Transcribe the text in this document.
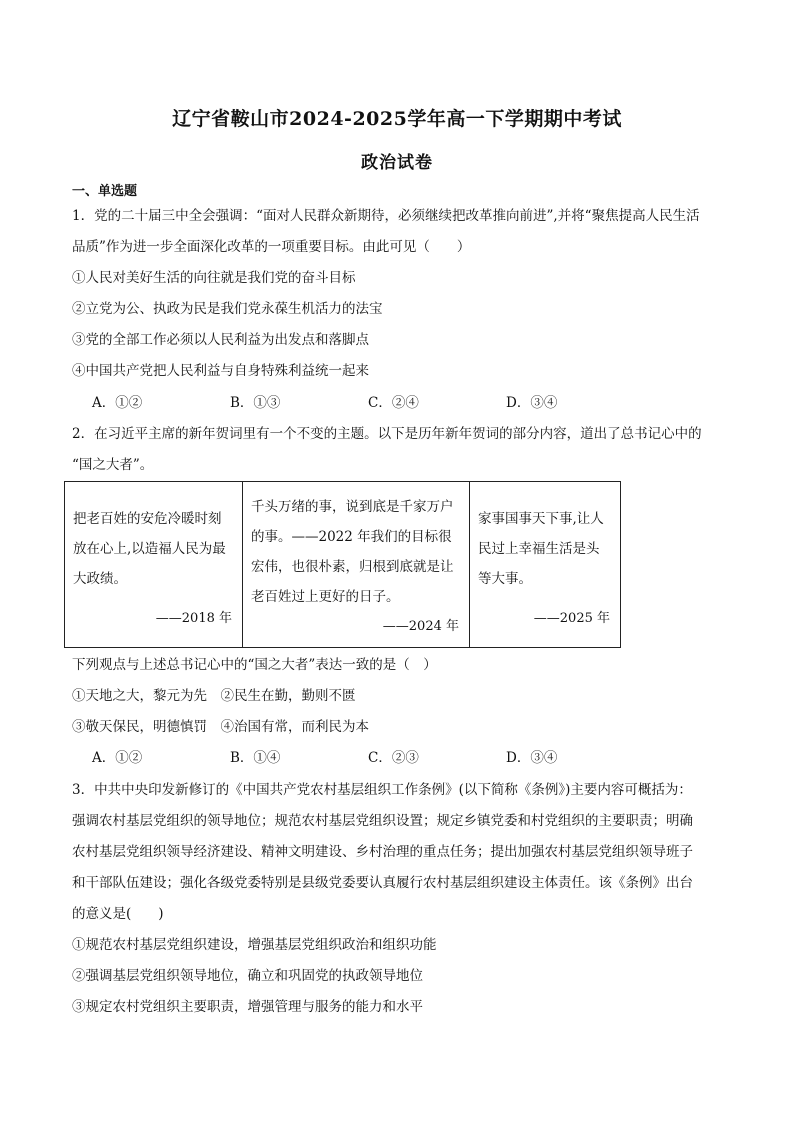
辽宁省鞍山市2024-2025学年高一下学期期中考试
政治试卷
一、单选题
1．党的二十届三中全会强调：“面对人民群众新期待，必须继续把改革推向前进”,并将“聚焦提高人民生活
品质”作为进一步全面深化改革的一项重要目标。由此可见（　　）
①人民对美好生活的向往就是我们党的奋斗目标
②立党为公、执政为民是我们党永葆生机活力的法宝
③党的全部工作必须以人民利益为出发点和落脚点
④中国共产党把人民利益与自身特殊利益统一起来
A．①②	B．①③	C．②④	D．③④
2．在习近平主席的新年贺词里有一个不变的主题。以下是历年新年贺词的部分内容，道出了总书记心中的
“国之大者”。
把老百姓的安危冷暖时刻
放在心上,以造福人民为最
大政绩。
——2018 年

千头万绪的事，说到底是千家万户
的事。——2022 年我们的目标很
宏伟，也很朴素，归根到底就是让
老百姓过上更好的日子。
——2024 年

家事国事天下事,让人
民过上幸福生活是头
等大事。
——2025 年
下列观点与上述总书记心中的“国之大者”表达一致的是（　）
①天地之大，黎元为先　②民生在勤，勤则不匮
③敬天保民，明德慎罚　④治国有常，而利民为本
A．①②	B．①④	C．②③	D．③④
3．中共中央印发新修订的《中国共产党农村基层组织工作条例》(以下简称《条例》)主要内容可概括为：
强调农村基层党组织的领导地位；规范农村基层党组织设置；规定乡镇党委和村党组织的主要职责；明确
农村基层党组织领导经济建设、精神文明建设、乡村治理的重点任务；提出加强农村基层党组织领导班子
和干部队伍建设；强化各级党委特别是县级党委要认真履行农村基层组织建设主体责任。该《条例》出台
的意义是(　　)
①规范农村基层党组织建设，增强基层党组织政治和组织功能
②强调基层党组织领导地位，确立和巩固党的执政领导地位
③规定农村党组织主要职责，增强管理与服务的能力和水平
